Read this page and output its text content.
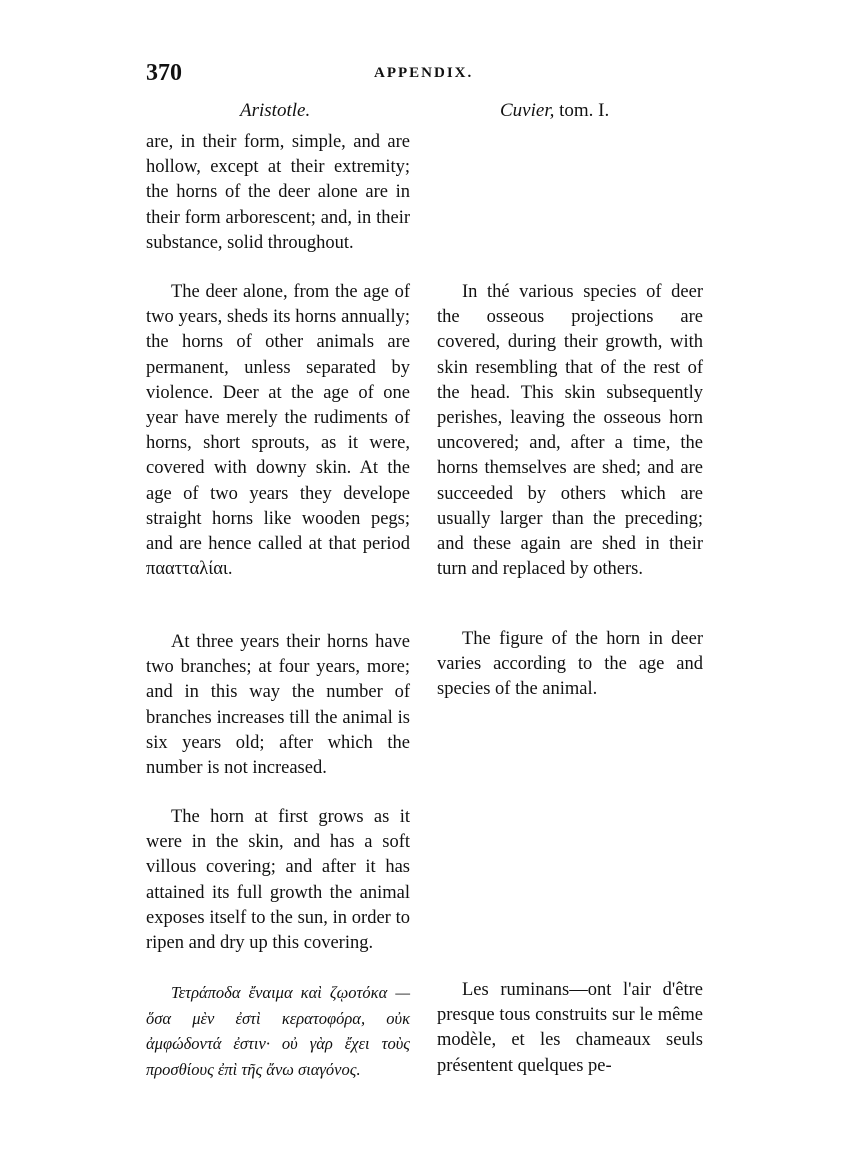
370	APPENDIX.
Aristotle.	Cuvier, tom. I.

are, in their form, simple, and are hollow, except at their extremity; the horns of the deer alone are in their form arborescent; and, in their substance, solid throughout.

The deer alone, from the age of two years, sheds its horns annually; the horns of other animals are permanent, unless separated by violence. Deer at the age of one year have merely the rudiments of horns, short sprouts, as it were, covered with downy skin. At the age of two years they develope straight horns like wooden pegs; and are hence called at that period παατταλίαι.

At three years their horns have two branches; at four years, more; and in this way the number of branches increases till the animal is six years old; after which the number is not increased.

The horn at first grows as it were in the skin, and has a soft villous covering; and after it has attained its full growth the animal exposes itself to the sun, in order to ripen and dry up this covering.

Τετράποδα ἔναιμα καὶ ζῳοτόκα —ὅσα μὲν ἐστὶ κερατοφόρα, οὐκ ἀμφώδοντά ἐστιν· οὐ γὰρ ἔχει τοὺς προσθίους ἐπὶ τῆς ἄνω σιαγόνος.

In thé various species of deer the osseous projections are covered, during their growth, with skin resembling that of the rest of the head. This skin subsequently perishes, leaving the osseous horn uncovered; and, after a time, the horns themselves are shed; and are succeeded by others which are usually larger than the preceding; and these again are shed in their turn and replaced by others.

The figure of the horn in deer varies according to the age and species of the animal.

Les ruminans—ont l'air d'être presque tous construits sur le même modèle, et les chameaux seuls présentent quelques pe-
